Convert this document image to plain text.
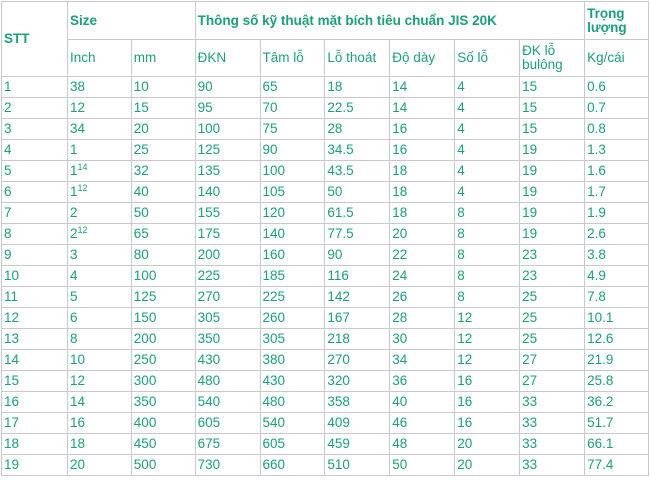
STT	Size		Thông số kỹ thuật mặt bích tiêu chuẩn JIS 20K						Trọng lượng
	Inch	mm	ĐKN	Tâm lỗ	Lỗ thoát	Độ dày	Số lỗ	ĐK lỗ bulông	Kg/cái
1	38	10	90	65	18	14	4	15	0.6
2	12	15	95	70	22.5	14	4	15	0.7
3	34	20	100	75	28	16	4	15	0.8
4	1	25	125	90	34.5	16	4	19	1.3
5	$1^{14}$	32	135	100	43.5	18	4	19	1.6
6	$1^{12}$	40	140	105	50	18	4	19	1.7
7	2	50	155	120	61.5	18	8	19	1.9
8	$2^{12}$	65	175	140	77.5	20	8	19	2.6
9	3	80	200	160	90	22	8	23	3.8
10	4	100	225	185	116	24	8	23	4.9
11	5	125	270	225	142	26	8	25	7.8
12	6	150	305	260	167	28	12	25	10.1
13	8	200	350	305	218	30	12	25	12.6
14	10	250	430	380	270	34	12	27	21.9
15	12	300	480	430	320	36	16	27	25.8
16	14	350	540	480	358	40	16	33	36.2
17	16	400	605	540	409	46	16	33	51.7
18	18	450	675	605	459	48	20	33	66.1
19	20	500	730	660	510	50	20	33	77.4
